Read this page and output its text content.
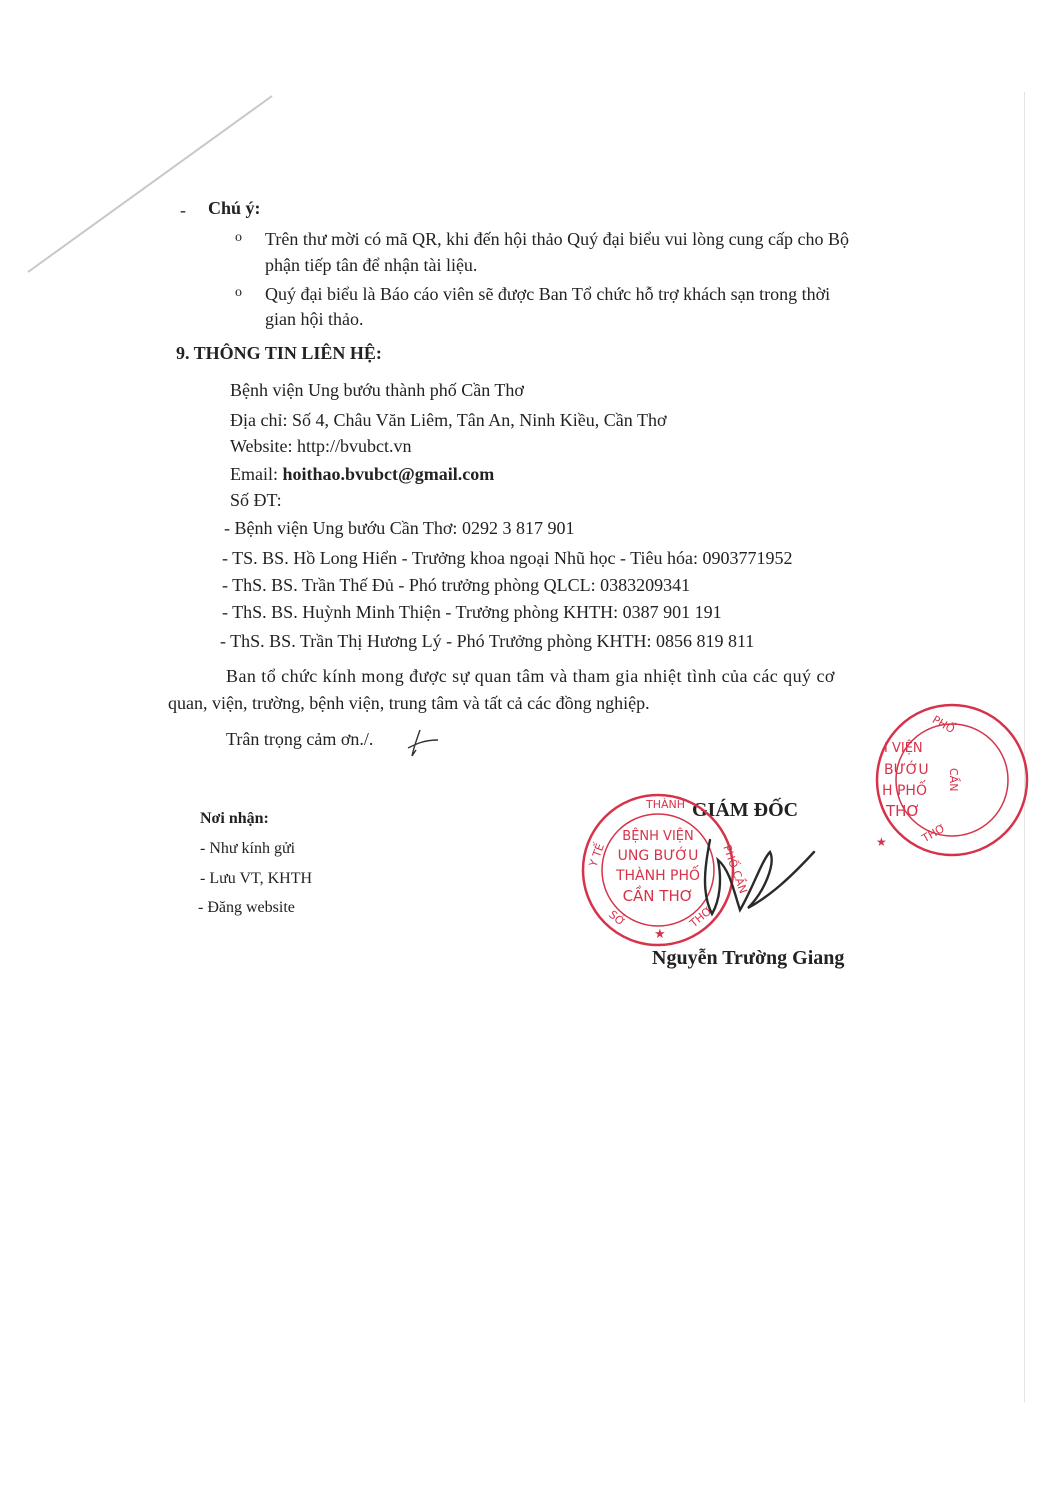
- Chú ý:
o Trên thư mời có mã QR, khi đến hội thảo Quý đại biểu vui lòng cung cấp cho Bộ
phận tiếp tân để nhận tài liệu.
o Quý đại biểu là Báo cáo viên sẽ được Ban Tổ chức hỗ trợ khách sạn trong thời
gian hội thảo.
9. THÔNG TIN LIÊN HỆ:
Bệnh viện Ung bướu thành phố Cần Thơ
Địa chỉ: Số 4, Châu Văn Liêm, Tân An, Ninh Kiều, Cần Thơ
Website: http://bvubct.vn
Email: hoithao.bvubct@gmail.com
Số ĐT:
- Bệnh viện Ung bướu Cần Thơ: 0292 3 817 901
- TS. BS. Hồ Long Hiển - Trưởng khoa ngoại Nhũ học - Tiêu hóa: 0903771952
- ThS. BS. Trần Thế Đủ - Phó trưởng phòng QLCL: 0383209341
- ThS. BS. Huỳnh Minh Thiện - Trưởng phòng KHTH: 0387 901 191
- ThS. BS. Trần Thị Hương Lý - Phó Trưởng phòng KHTH: 0856 819 811
Ban tổ chức kính mong được sự quan tâm và tham gia nhiệt tình của các quý cơ
quan, viện, trường, bệnh viện, trung tâm và tất cả các đồng nghiệp.
Trân trọng cảm ơn./.
Nơi nhận:
- Như kính gửi
- Lưu VT, KHTH
- Đăng website
GIÁM ĐỐC
THÀNH
Y TẾ	PHỐ CẦN
SỞ	THƠ
BỆNH VIỆN
UNG BƯỚU
THÀNH PHỐ
CẦN THƠ
★
Nguyễn Trường Giang
I VIỆN
BƯỚU
H PHỐ
THƠ
PHỐ
CẦN
THƠ
★
